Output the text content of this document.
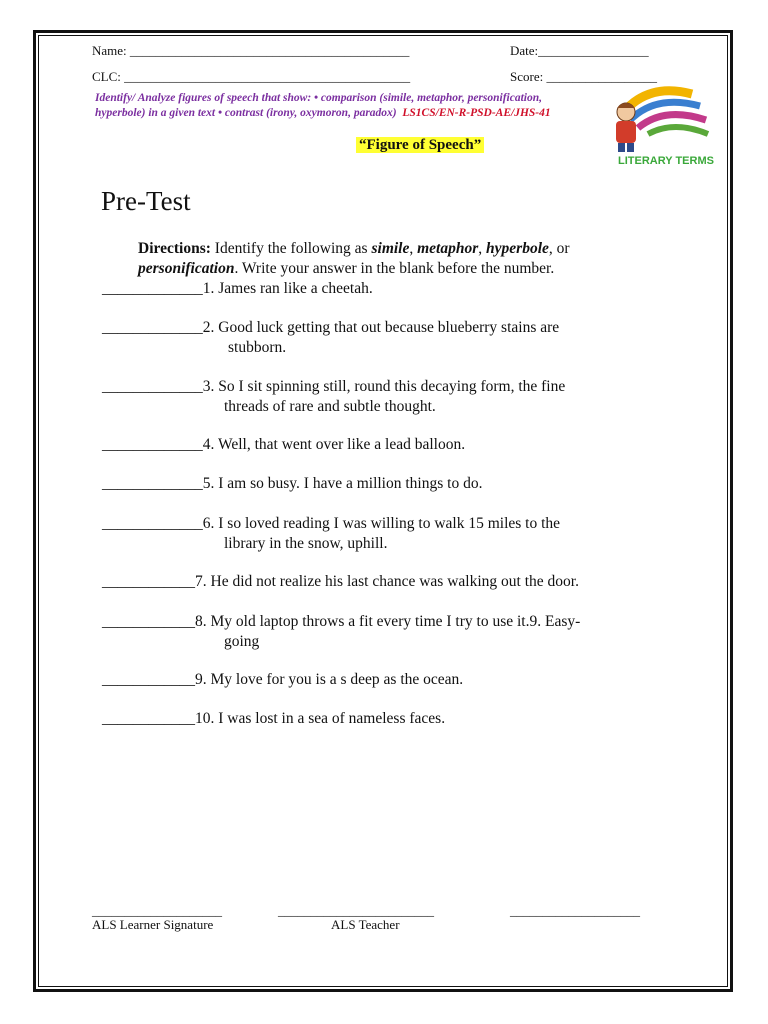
Name: ___________________________________________	Date:_________________
CLC: ____________________________________________	Score: _________________
Identify/ Analyze figures of speech that show: • comparison (simile, metaphor, personification,
hyperbole) in a given text • contrast (irony, oxymoron, paradox) LS1CS/EN-R-PSD-AE/JHS-41
LITERARY TERMS
“Figure of Speech”
Pre-Test
Directions: Identify the following as simile, metaphor, hyperbole, or
personification. Write your answer in the blank before the number.
_____________1. James ran like a cheetah.
_____________2. Good luck getting that out because blueberry stains are
stubborn.
_____________3. So I sit spinning still, round this decaying form, the fine
threads of rare and subtle thought.
_____________4. Well, that went over like a lead balloon.
_____________5. I am so busy. I have a million things to do.
_____________6. I so loved reading I was willing to walk 15 miles to the
library in the snow, uphill.
____________7. He did not realize his last chance was walking out the door.
____________8. My old laptop throws a fit every time I try to use it.9. Easy-
going
____________9. My love for you is a s deep as the ocean.
____________10. I was lost in a sea of nameless faces.
____________________	________________________	____________________
ALS Learner Signature	ALS Teacher
